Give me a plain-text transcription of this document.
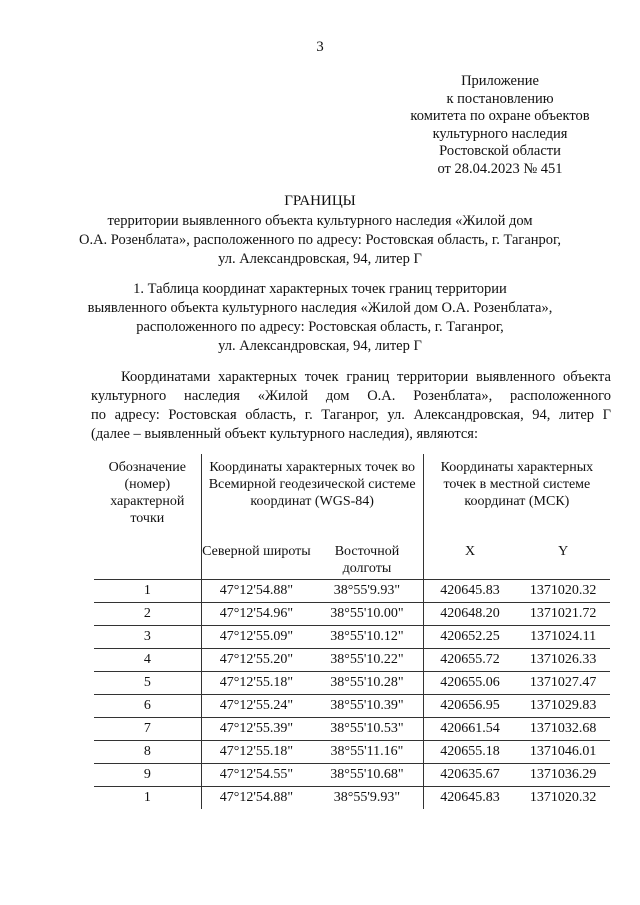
3
Приложение
к постановлению
комитета по охране объектов
культурного наследия
Ростовской области
от 28.04.2023 № 451
ГРАНИЦЫ
территории выявленного объекта культурного наследия «Жилой дом
О.А. Розенблата», расположенного по адресу: Ростовская область, г. Таганрог,
ул. Александровская, 94, литер Г
1. Таблица координат характерных точек границ территории
выявленного объекта культурного наследия «Жилой дом О.А. Розенблата»,
расположенного по адресу: Ростовская область, г. Таганрог,
ул. Александровская, 94, литер Г
Координатами характерных точек границ территории выявленного объекта
культурного наследия «Жилой дом О.А. Розенблата», расположенного
по адресу: Ростовская область, г. Таганрог, ул. Александровская, 94, литер Г
(далее – выявленный объект культурного наследия), являются:
Обозначение (номер) характерной точки	Координаты характерных точек во Всемирной геодезической системе координат (WGS-84)		Координаты характерных точек в местной системе координат (МСК)	
	Северной широты	Восточной долготы	X	Y
1	47°12'54.88"	38°55'9.93"	420645.83	1371020.32
2	47°12'54.96"	38°55'10.00"	420648.20	1371021.72
3	47°12'55.09"	38°55'10.12"	420652.25	1371024.11
4	47°12'55.20"	38°55'10.22"	420655.72	1371026.33
5	47°12'55.18"	38°55'10.28"	420655.06	1371027.47
6	47°12'55.24"	38°55'10.39"	420656.95	1371029.83
7	47°12'55.39"	38°55'10.53"	420661.54	1371032.68
8	47°12'55.18"	38°55'11.16"	420655.18	1371046.01
9	47°12'54.55"	38°55'10.68"	420635.67	1371036.29
1	47°12'54.88"	38°55'9.93"	420645.83	1371020.32
